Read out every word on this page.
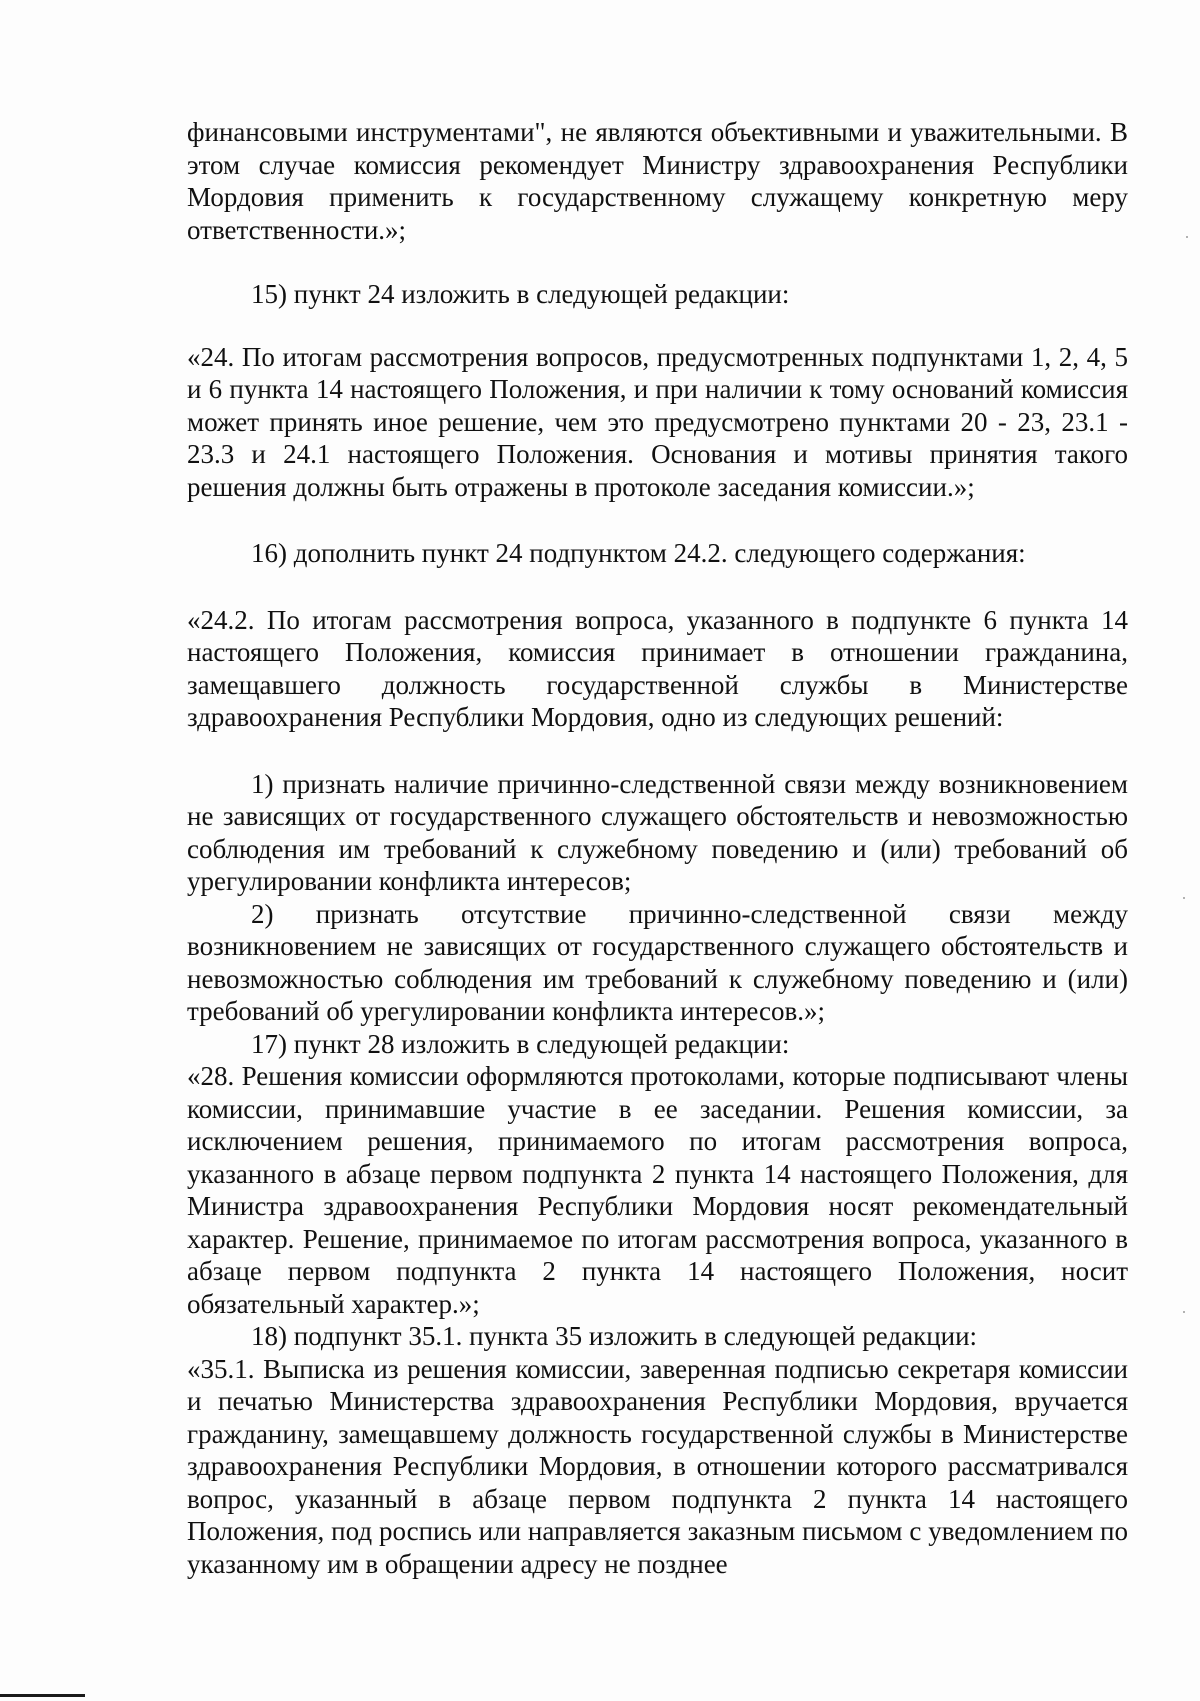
финансовыми инструментами", не являются объективными и уважительными. В этом случае комиссия рекомендует Министру здравоохранения Республики Мордовия применить к государственному служащему конкретную меру ответственности.»;

15) пункт 24 изложить в следующей редакции:

«24. По итогам рассмотрения вопросов, предусмотренных подпунктами 1, 2, 4, 5 и 6 пункта 14 настоящего Положения, и при наличии к тому оснований комиссия может принять иное решение, чем это предусмотрено пунктами 20 - 23, 23.1 - 23.3 и 24.1 настоящего Положения. Основания и мотивы принятия такого решения должны быть отражены в протоколе заседания комиссии.»;

16) дополнить пункт 24 подпунктом 24.2. следующего содержания:

«24.2. По итогам рассмотрения вопроса, указанного в подпункте 6 пункта 14 настоящего Положения, комиссия принимает в отношении гражданина, замещавшего должность государственной службы в Министерстве здравоохранения Республики Мордовия, одно из следующих решений:

1) признать наличие причинно-следственной связи между возникновением не зависящих от государственного служащего обстоятельств и невозможностью соблюдения им требований к служебному поведению и (или) требований об урегулировании конфликта интересов;

2) признать отсутствие причинно-следственной связи между возникновением не зависящих от государственного служащего обстоятельств и невозможностью соблюдения им требований к служебному поведению и (или) требований об урегулировании конфликта интересов.»;

17) пункт 28 изложить в следующей редакции:

«28. Решения комиссии оформляются протоколами, которые подписывают члены комиссии, принимавшие участие в ее заседании. Решения комиссии, за исключением решения, принимаемого по итогам рассмотрения вопроса, указанного в абзаце первом подпункта 2 пункта 14 настоящего Положения, для Министра здравоохранения Республики Мордовия носят рекомендательный характер. Решение, принимаемое по итогам рассмотрения вопроса, указанного в абзаце первом подпункта 2 пункта 14 настоящего Положения, носит обязательный характер.»;

18) подпункт 35.1. пункта 35 изложить в следующей редакции:

«35.1. Выписка из решения комиссии, заверенная подписью секретаря комиссии и печатью Министерства здравоохранения Республики Мордовия, вручается гражданину, замещавшему должность государственной службы в Министерстве здравоохранения Республики Мордовия, в отношении которого рассматривался вопрос, указанный в абзаце первом подпункта 2 пункта 14 настоящего Положения, под роспись или направляется заказным письмом с уведомлением по указанному им в обращении адресу не позднее
